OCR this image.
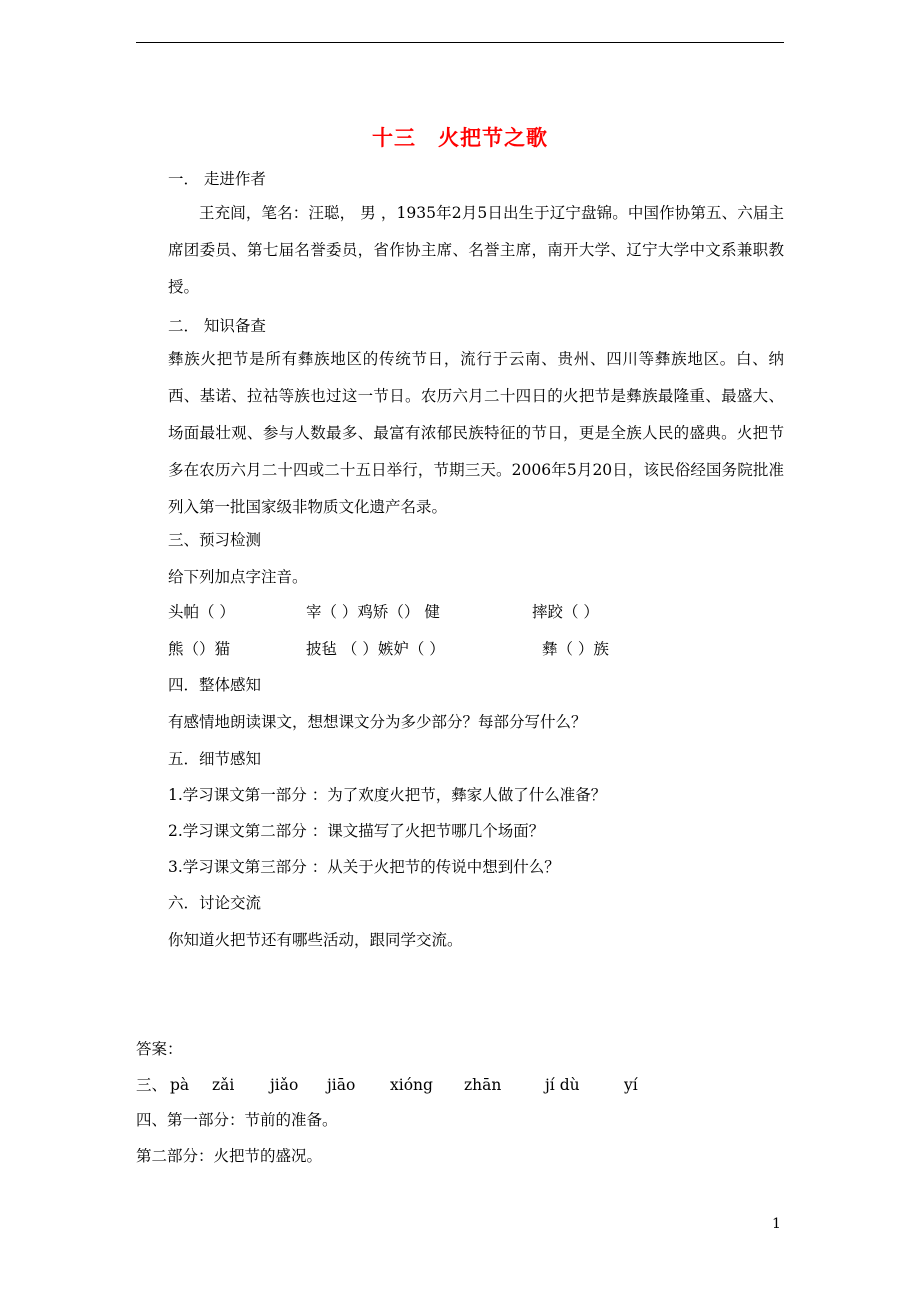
十三　火把节之歌
一． 走进作者
王充闾，笔名：汪聪， 男 ，1935年2月5日出生于辽宁盘锦。中国作协第五、六届主席团委员、第七届名誉委员，省作协主席、名誉主席，南开大学、辽宁大学中文系兼职教授。
二． 知识备查
彝族火把节是所有彝族地区的传统节日，流行于云南、贵州、四川等彝族地区。白、纳西、基诺、拉祜等族也过这一节日。农历六月二十四日的火把节是彝族最隆重、最盛大、场面最壮观、参与人数最多、最富有浓郁民族特征的节日，更是全族人民的盛典。火把节多在农历六月二十四或二十五日举行，节期三天。2006年5月20日，该民俗经国务院批准列入第一批国家级非物质文化遗产名录。
三、预习检测
给下列加点字注音。
头帕（ ）	宰（ ）鸡矫（） 健	摔跤（ ）
熊（）猫	披毡 （ ）嫉妒（ ）	彝（ ）族
四．整体感知
有感情地朗读课文，想想课文分为多少部分？每部分写什么？
五．细节感知
1.学习课文第一部分 ：为了欢度火把节，彝家人做了什么准备？
2.学习课文第二部分 ：课文描写了火把节哪几个场面？
3.学习课文第三部分 ：从关于火把节的传说中想到什么？
六．讨论交流
你知道火把节还有哪些活动，跟同学交流。
答案：
三、 pà zǎi jiǎo jiāo xióng zhān	jí dù	yí
四、第一部分：节前的准备。
第二部分：火把节的盛况。
1
